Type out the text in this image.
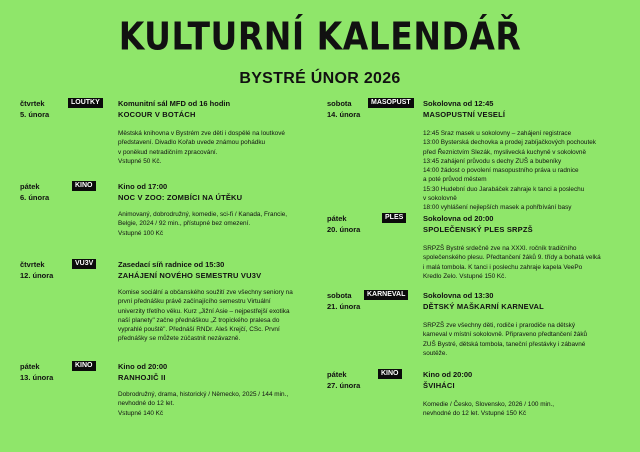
KULTURNÍ KALENDÁŘ
BYSTRÉ ÚNOR 2026
čtvrtek	LOUTKY	Komunitní sál MFD od 16 hodin
5. února	KOCOUR V BOTÁCH
Městská knihovna v Bystrém zve děti i dospělé na loutkové
představení. Divadlo Kořab uvede známou pohádku
v poněkud netradičním zpracování.
Vstupné 50 Kč.
pátek	KINO	Kino od 17:00
6. února	NOC V ZOO: ZOMBÍCI NA ÚTĚKU
Animovaný, dobrodružný, komedie, sci-fi / Kanada, Francie,
Belgie, 2024 / 92 min., přístupné bez omezení.
Vstupné 100 Kč
čtvrtek	VU3V	Zasedací síň radnice od 15:30
12. února	ZAHÁJENÍ NOVÉHO SEMESTRU VU3V
Komise sociální a občanského soužití zve všechny seniory na
první přednášku právě začínajícího semestru Virtuální
univerzity třetího věku. Kurz „Jižní Asie – nejpestřejší exotika
naší planety" začne přednáškou „Z tropického pralesa do
vyprahlé pouště". Přednáší RNDr. Aleš Krejčí, CSc. První
přednášky se můžete zúčastnit nezávazně.
pátek	KINO	Kino od 20:00
13. února	RANHOJIČ II
Dobrodružný, drama, historický / Německo, 2025 / 144 min.,
nevhodné do 12 let.
Vstupné 140 Kč
sobota	MASOPUST	Sokolovna od 12:45
14. února	MASOPUSTNÍ VESELÍ
12:45 Sraz masek u sokolovny – zahájení registrace
13:00 Bysterská dechovka a prodej zabíjačkových pochoutek
před Řeznictvím Slezák, myslivecká kuchyně v sokolovně
13:45 zahájení průvodu s dechy ZUŠ a bubeníky
14:00 žádost o povolení masopustního práva u radnice
a poté průvod městem
15:30 Hudební duo Jarabáček zahraje k tanci a poslechu
v sokolovně
18:00 vyhlášení nejlepších masek a pohřbívání basy
pátek	PLES	Sokolovna od 20:00
20. února	SPOLEČENSKÝ PLES SRPZŠ
SRPZŠ Bystré srdečně zve na XXXI. ročník tradičního
společenského plesu. Předtančení žáků 9. třídy a bohatá velká
i malá tombola. K tanci i poslechu zahraje kapela VeePo
Kredlo Zelo. Vstupné 150 Kč.
sobota	KARNEVAL	Sokolovna od 13:30
21. února	DĚTSKÝ MAŠKARNÍ KARNEVAL
SRPZŠ zve všechny děti, rodiče i prarodiče na dětský
karneval v místní sokolovně. Připraveno předtančení žáků
ZUŠ Bystré, dětská tombola, taneční přestávky i zábavné
soutěže.
pátek	KINO	Kino od 20:00
27. února	ŠVIHÁCI
Komedie / Česko, Slovensko, 2026 / 100 min.,
nevhodné do 12 let. Vstupné 150 Kč
